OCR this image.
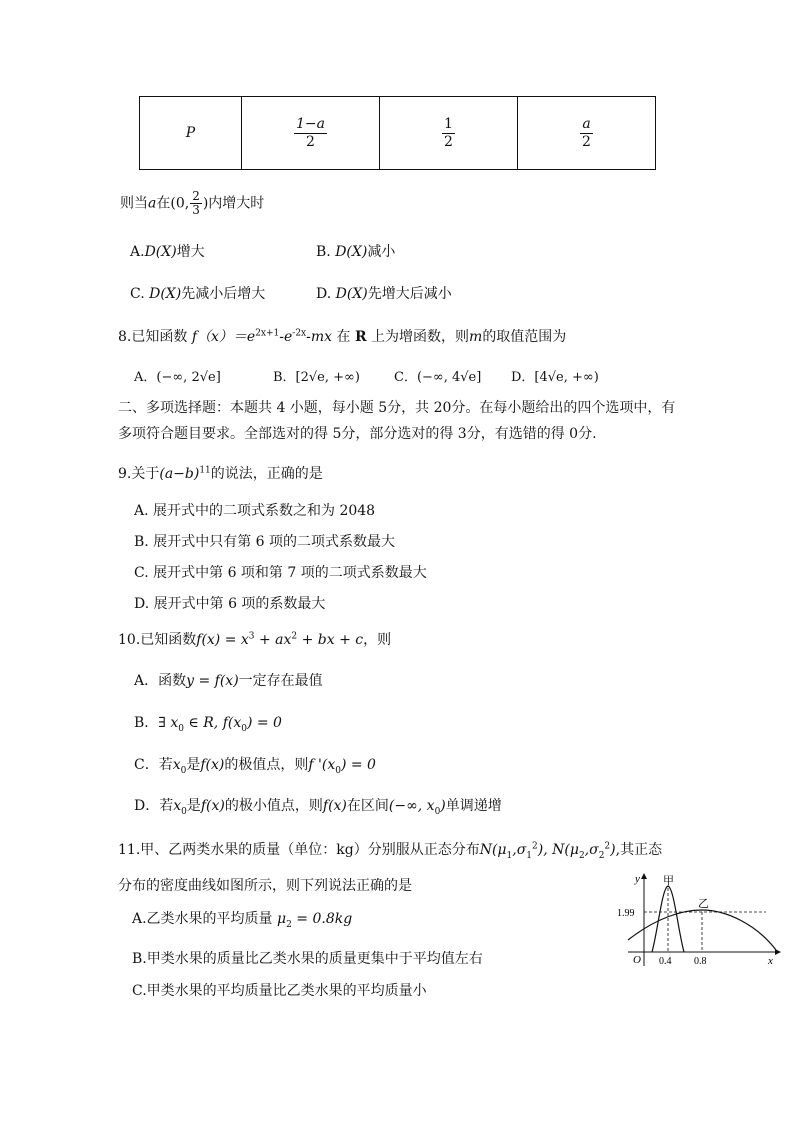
P	$\frac{1-a}{2}$	$\frac{1}{2}$	$\frac{a}{2}$
则当a在(0, $\frac{2}{3}$ )内增大时
A.D(X)增大	B. D(X)减小
C. D(X)先减小后增大	D. D(X)先增大后减小
8.已知函数 $f(x)=e^{2x+1}-e^{-2x}-mx$ 在 R 上为增函数，则m的取值范围为
A．(−∞, 2√e]	B．[2√e, +∞)	C．(−∞, 4√e] D．[4√e, +∞)
二、多项选择题：本题共 4 小题，每小题 5分，共 20分。在每小题给出的四个选项中，有
多项符合题目要求。全部选对的得 5分，部分选对的得 3分，有选错的得 0分.
9.关于$(a-b)^{11}$的说法，正确的是
A. 展开式中的二项式系数之和为 2048
B. 展开式中只有第 6 项的二项式系数最大
C. 展开式中第 6 项和第 7 项的二项式系数最大
D. 展开式中第 6 项的系数最大
10.已知函数$f(x) = x^3 + ax^2$ + bx + c，则
A．函数y = f(x)一定存在最值
B．∃ $x_0$ ∈ R, $f(x_0) = 0$
C．若$x_0$是f(x)的极值点，则f '$(x_0) = 0$
D．若$x_0$是f(x)的极小值点，则f(x)在区间(−∞, $x_0$)单调递增
11.甲、乙两类水果的质量（单位：kg）分别服从正态分布$N(\mu_1,\sigma_1^2)$, $N(\mu_2,\sigma_2^2)$,其正态
分布的密度曲线如图所示，则下列说法正确的是
A.乙类水果的平均质量 $\mu_2 = 0.8kg$
B.甲类水果的质量比乙类水果的质量更集中于平均值左右
C.甲类水果的平均质量比乙类水果的平均质量小
y
x
O
甲
乙
1.99
0.4 0.8
